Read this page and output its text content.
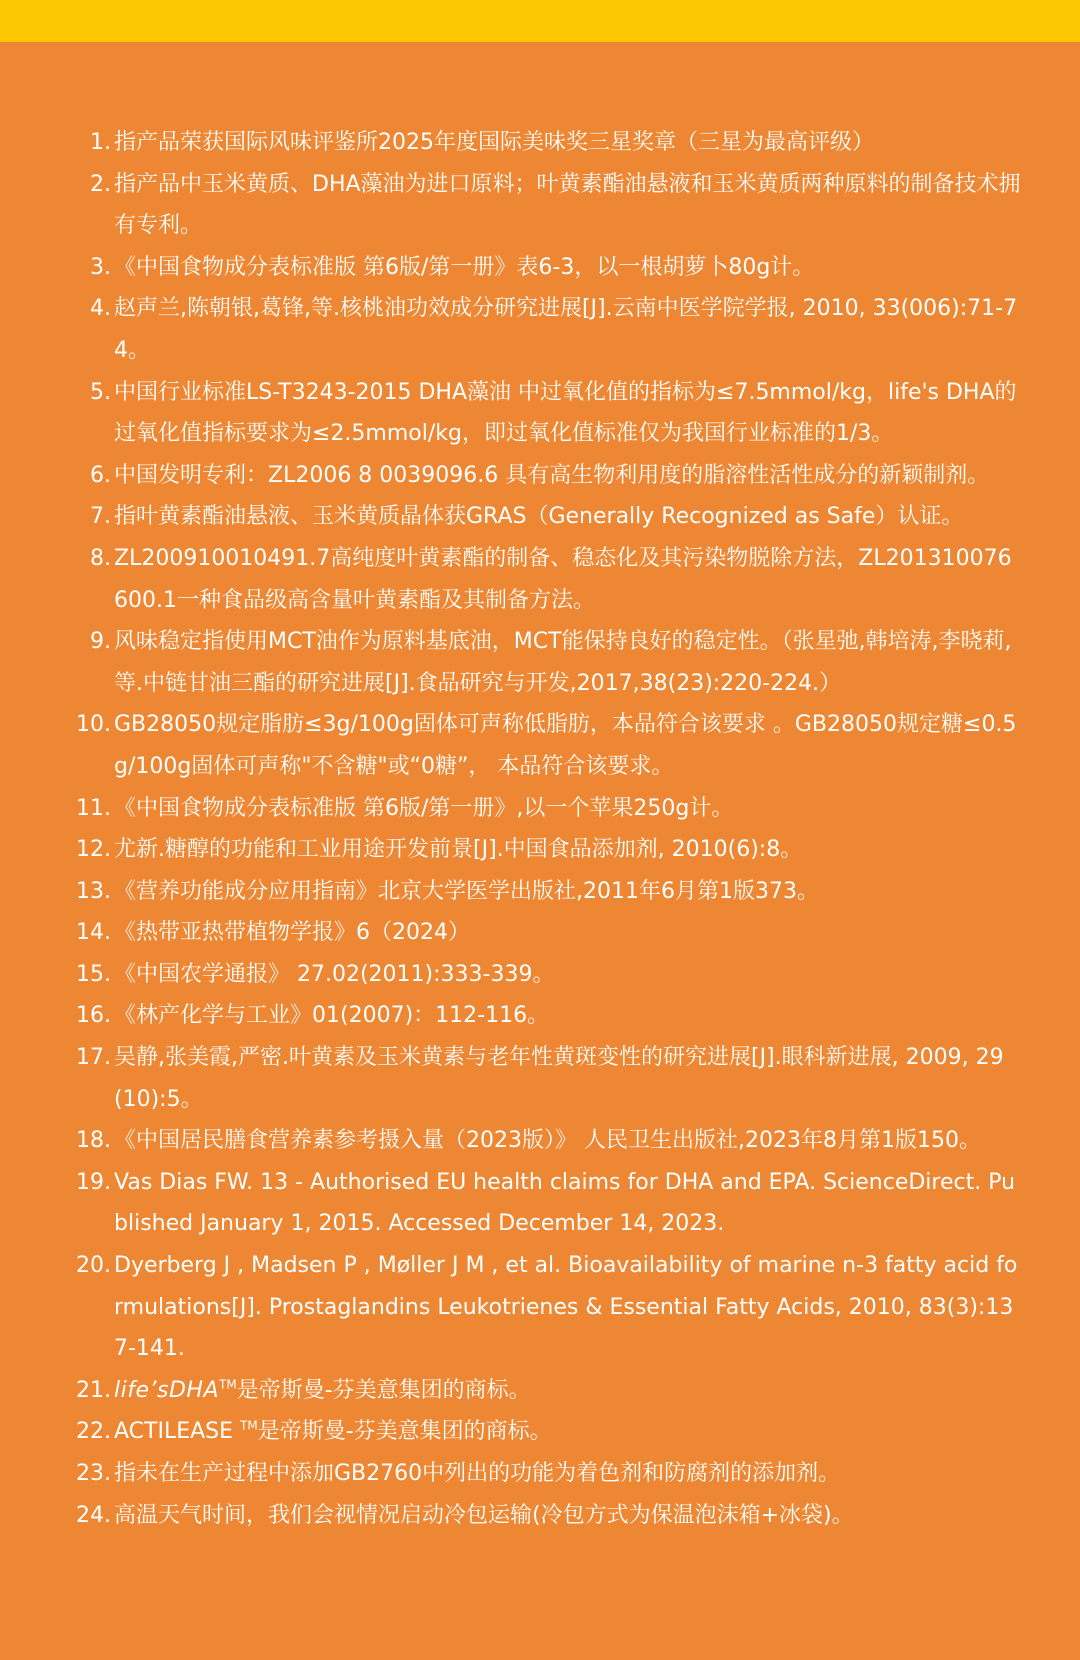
1. 指产品荣获国际风味评鉴所2025年度国际美味奖三星奖章（三星为最高评级）
2. 指产品中玉米黄质、DHA藻油为进口原料；叶黄素酯油悬液和玉米黄质两种原料的制备技术拥有专利。
3. 《中国食物成分表标准版 第6版/第一册》表6-3，以一根胡萝卜80g计。
4. 赵声兰,陈朝银,葛锋,等.核桃油功效成分研究进展[J].云南中医学院学报, 2010, 33(006):71-74。
5. 中国行业标准LS-T3243-2015 DHA藻油 中过氧化值的指标为≤7.5mmol/kg，life's DHA的过氧化值指标要求为≤2.5mmol/kg，即过氧化值标准仅为我国行业标准的1/3。
6. 中国发明专利：ZL2006 8 0039096.6 具有高生物利用度的脂溶性活性成分的新颖制剂。
7. 指叶黄素酯油悬液、玉米黄质晶体获GRAS（Generally Recognized as Safe）认证。
8. ZL200910010491.7高纯度叶黄素酯的制备、稳态化及其污染物脱除方法，ZL201310076600.1一种食品级高含量叶黄素酯及其制备方法。
9. 风味稳定指使用MCT油作为原料基底油，MCT能保持良好的稳定性。（张星弛,韩培涛,李晓莉,等.中链甘油三酯的研究进展[J].食品研究与开发,2017,38(23):220-224.）
10. GB28050规定脂肪≤3g/100g固体可声称低脂肪，本品符合该要求 。GB28050规定糖≤0.5g/100g固体可声称"不含糖"或“0糖”， 本品符合该要求。
11. 《中国食物成分表标准版 第6版/第一册》,以一个苹果250g计。
12. 尤新.糖醇的功能和工业用途开发前景[J].中国食品添加剂, 2010(6):8。
13. 《营养功能成分应用指南》北京大学医学出版社,2011年6月第1版373。
14. 《热带亚热带植物学报》6（2024）
15. 《中国农学通报》 27.02(2011):333-339。
16. 《林产化学与工业》01(2007)：112-116。
17. 吴静,张美霞,严密.叶黄素及玉米黄素与老年性黄斑变性的研究进展[J].眼科新进展, 2009, 29(10):5。
18. 《中国居民膳食营养素参考摄入量（2023版）》 人民卫生出版社,2023年8月第1版150。
19. Vas Dias FW. 13 - Authorised EU health claims for DHA and EPA. ScienceDirect. Published January 1, 2015. Accessed December 14, 2023.
20. Dyerberg J , Madsen P , Møller J M , et al. Bioavailability of marine n-3 fatty acid formulations[J]. Prostaglandins Leukotrienes & Essential Fatty Acids, 2010, 83(3):137-141.
21. life’sDHA™是帝斯曼-芬美意集团的商标。
22. ACTILEASE ™是帝斯曼-芬美意集团的商标。
23. 指未在生产过程中添加GB2760中列出的功能为着色剂和防腐剂的添加剂。
24. 高温天气时间，我们会视情况启动冷包运输(冷包方式为保温泡沫箱+冰袋)。
